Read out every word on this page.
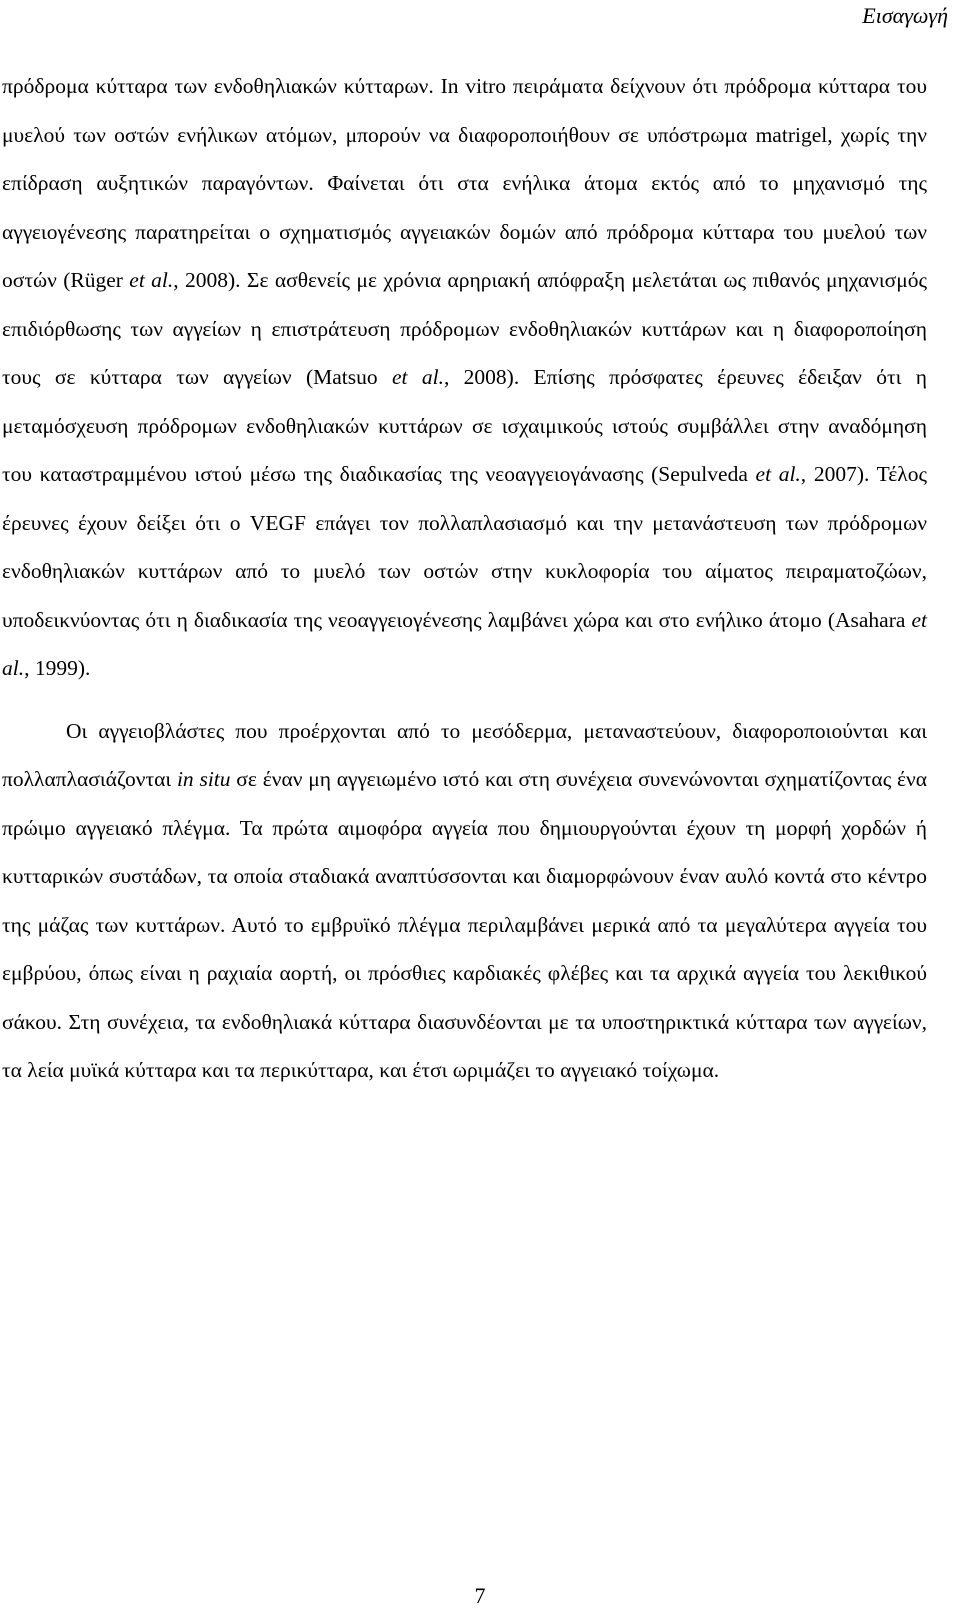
Εισαγωγή

πρόδρομα κύτταρα των ενδοθηλιακών κύτταρων. In vitro πειράματα δείχνουν ότι πρόδρομα κύτταρα του μυελού των οστών ενήλικων ατόμων, μπορούν να διαφοροποιήθουν σε υπόστρωμα matrigel, χωρίς την επίδραση αυξητικών παραγόντων. Φαίνεται ότι στα ενήλικα άτομα εκτός από το μηχανισμό της αγγειογένεσης παρατηρείται ο σχηματισμός αγγειακών δομών από πρόδρομα κύτταρα του μυελού των οστών (Rüger et al., 2008). Σε ασθενείς με χρόνια αρηριακή απόφραξη μελετάται ως πιθανός μηχανισμός επιδιόρθωσης των αγγείων η επιστράτευση πρόδρομων ενδοθηλιακών κυττάρων και η διαφοροποίηση τους σε κύτταρα των αγγείων (Matsuo et al., 2008). Επίσης πρόσφατες έρευνες έδειξαν ότι η μεταμόσχευση πρόδρομων ενδοθηλιακών κυττάρων σε ισχαιμικούς ιστούς συμβάλλει στην αναδόμηση του καταστραμμένου ιστού μέσω της διαδικασίας της νεοαγγειογάνασης (Sepulveda et al., 2007). Τέλος έρευνες έχουν δείξει ότι ο VEGF επάγει τον πολλαπλασιασμό και την μετανάστευση των πρόδρομων ενδοθηλιακών κυττάρων από το μυελό των οστών στην κυκλοφορία του αίματος πειραματοζώων, υποδεικνύοντας ότι η διαδικασία της νεοαγγειογένεσης λαμβάνει χώρα και στο ενήλικο άτομο (Asahara et al., 1999).

Οι αγγειοβλάστες που προέρχονται από το μεσόδερμα, μεταναστεύουν, διαφοροποιούνται και πολλαπλασιάζονται in situ σε έναν μη αγγειωμένο ιστό και στη συνέχεια συνενώνονται σχηματίζοντας ένα πρώιμο αγγειακό πλέγμα. Τα πρώτα αιμοφόρα αγγεία που δημιουργούνται έχουν τη μορφή χορδών ή κυτταρικών συστάδων, τα οποία σταδιακά αναπτύσσονται και διαμορφώνουν έναν αυλό κοντά στο κέντρο της μάζας των κυττάρων. Αυτό το εμβρυϊκό πλέγμα περιλαμβάνει μερικά από τα μεγαλύτερα αγγεία του εμβρύου, όπως είναι η ραχιαία αορτή, οι πρόσθιες καρδιακές φλέβες και τα αρχικά αγγεία του λεκιθικού σάκου. Στη συνέχεια, τα ενδοθηλιακά κύτταρα διασυνδέονται με τα υποστηρικτικά κύτταρα των αγγείων, τα λεία μυϊκά κύτταρα και τα περικύτταρα, και έτσι ωριμάζει το αγγειακό τοίχωμα.

7
